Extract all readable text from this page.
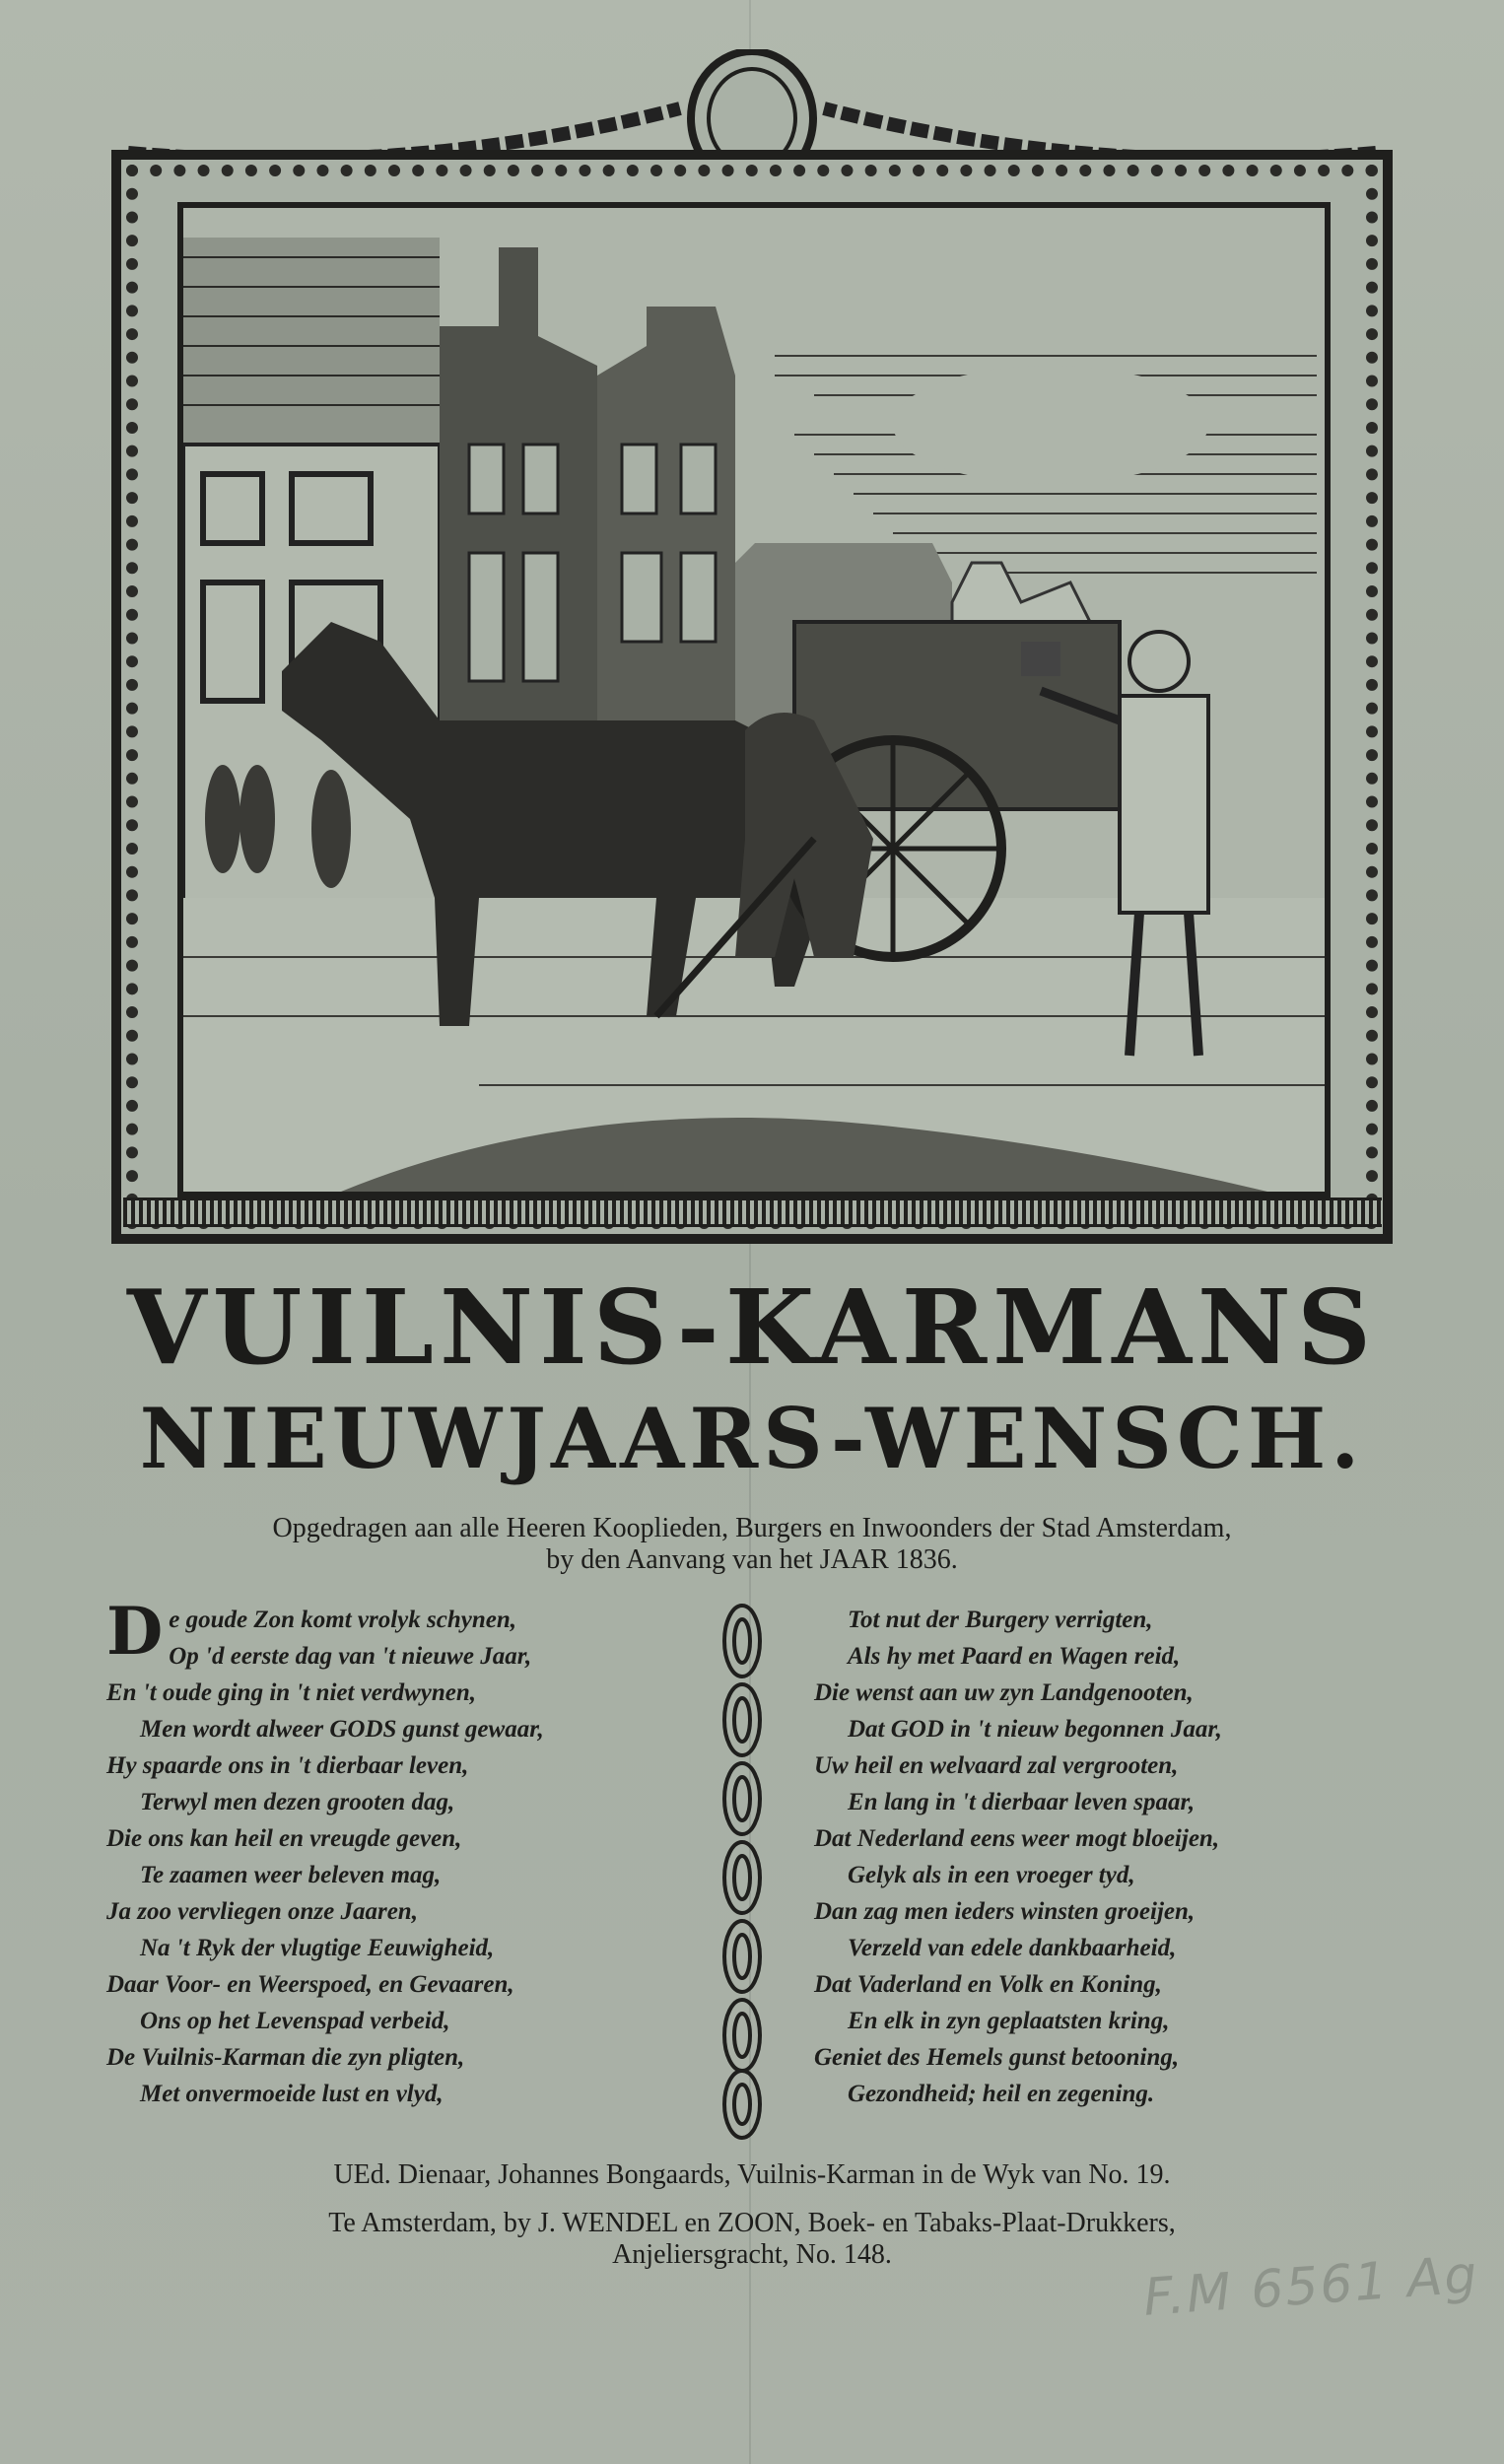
VUILNIS-KARMANS
NIEUWJAARS-WENSCH.
Opgedragen aan alle Heeren Kooplieden, Burgers en Inwoonders der Stad Amsterdam,
by den Aanvang van het JAAR 1836.
D e goude Zon komt vrolyk schynen,
Op 'd eerste dag van 't nieuwe Jaar,
En 't oude ging in 't niet verdwynen,
Men wordt alweer GODS gunst gewaar,
Hy spaarde ons in 't dierbaar leven,
Terwyl men dezen grooten dag,
Die ons kan heil en vreugde geven,
Te zaamen weer beleven mag,
Ja zoo vervliegen onze Jaaren,
Na 't Ryk der vlugtige Eeuwigheid,
Daar Voor- en Weerspoed, en Gevaaren,
Ons op het Levenspad verbeid,
De Vuilnis-Karman die zyn pligten,
Met onvermoeide lust en vlyd,
Tot nut der Burgery verrigten,
Als hy met Paard en Wagen reid,
Die wenst aan uw zyn Landgenooten,
Dat GOD in 't nieuw begonnen Jaar,
Uw heil en welvaard zal vergrooten,
En lang in 't dierbaar leven spaar,
Dat Nederland eens weer mogt bloeijen,
Gelyk als in een vroeger tyd,
Dan zag men ieders winsten groeijen,
Verzeld van edele dankbaarheid,
Dat Vaderland en Volk en Koning,
En elk in zyn geplaatsten kring,
Geniet des Hemels gunst betooning,
Gezondheid; heil en zegening.
UEd. Dienaar, Johannes Bongaards, Vuilnis-Karman in de Wyk van No. 19.
Te Amsterdam, by J. WENDEL en ZOON, Boek- en Tabaks-Plaat-Drukkers,
Anjeliersgracht, No. 148.	F.M 6561 Ag
